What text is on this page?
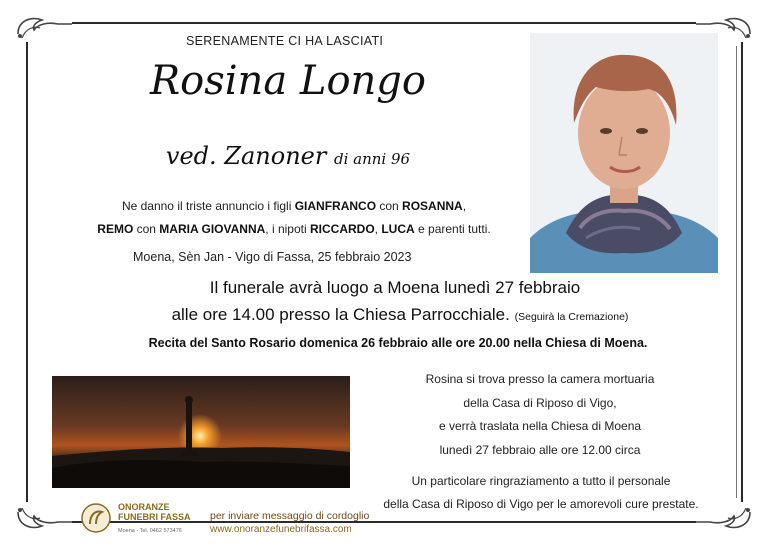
SERENAMENTE CI HA LASCIATI
Rosina Longo
ved. Zanoner di anni 96
Ne danno il triste annuncio i figli GIANFRANCO con ROSANNA,
REMO con MARIA GIOVANNA, i nipoti RICCARDO, LUCA e parenti tutti.
Moena, Sèn Jan - Vigo di Fassa, 25 febbraio 2023
Il funerale avrà luogo a Moena lunedì 27 febbraio
alle ore 14.00 presso la Chiesa Parrocchiale. (Seguirà la Cremazione)
Recita del Santo Rosario domenica 26 febbraio alle ore 20.00 nella Chiesa di Moena.
Rosina si trova presso la camera mortuaria
della Casa di Riposo di Vigo,
e verrà traslata nella Chiesa di Moena
lunedì 27 febbraio alle ore 12.00 circa
Un particolare ringraziamento a tutto il personale
della Casa di Riposo di Vigo per le amorevoli cure prestate.
ONORANZE FUNEBRI FASSA
Moena - Tel. 0462 573476
per inviare messaggio di cordoglio
www.onoranzefunebrifassa.com
